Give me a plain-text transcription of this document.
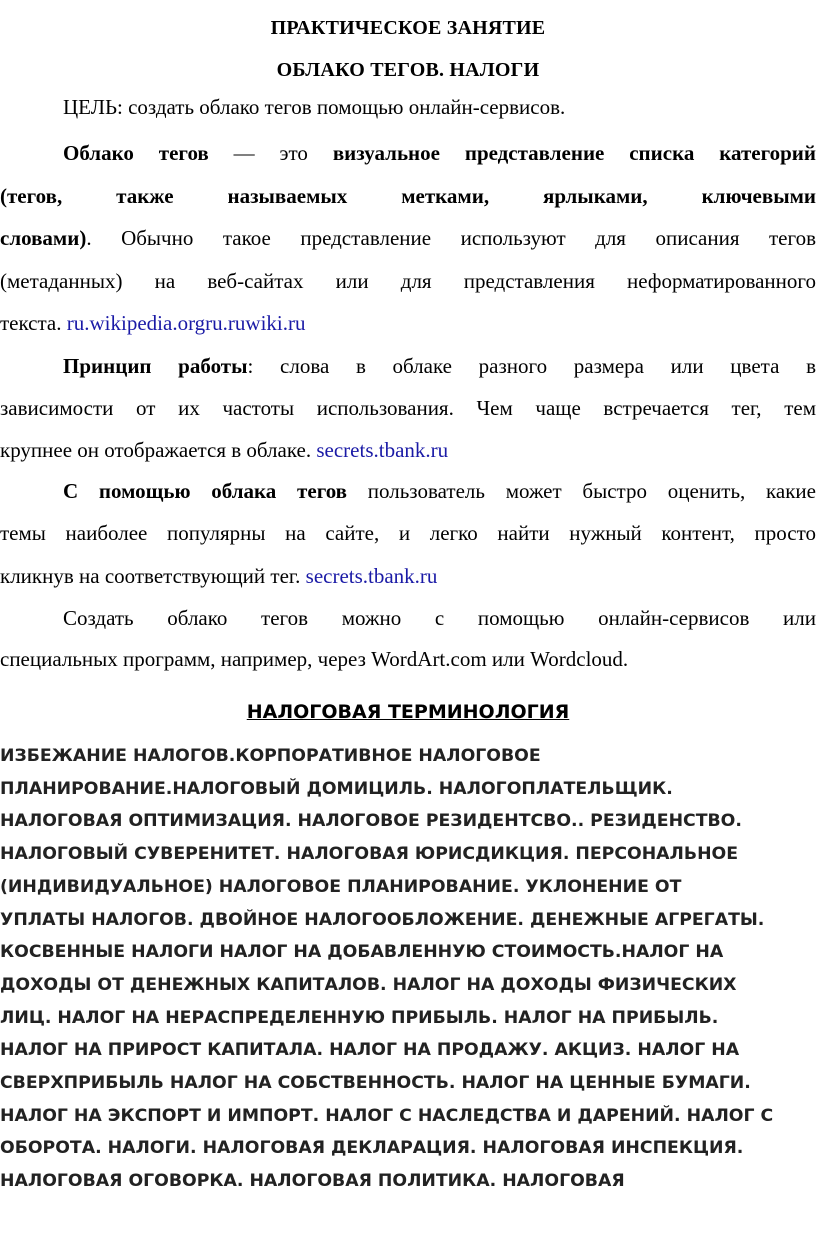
ПРАКТИЧЕСКОЕ ЗАНЯТИЕ
ОБЛАКО ТЕГОВ. НАЛОГИ
ЦЕЛЬ: создать облако тегов помощью онлайн-сервисов.
Облако тегов — это визуальное представление списка категорий
(тегов, также называемых метками, ярлыками, ключевыми
словами). Обычно такое представление используют для описания тегов
(метаданных) на веб-сайтах или для представления неформатированного
текста. ru.wikipedia.orgru.ruwiki.ru
Принцип работы: слова в облаке разного размера или цвета в
зависимости от их частоты использования. Чем чаще встречается тег, тем
крупнее он отображается в облаке. secrets.tbank.ru
С помощью облака тегов пользователь может быстро оценить, какие
темы наиболее популярны на сайте, и легко найти нужный контент, просто
кликнув на соответствующий тег. secrets.tbank.ru
Создать облако тегов можно с помощью онлайн-сервисов или
специальных программ, например, через WordArt.com или Wordcloud.
НАЛОГОВАЯ ТЕРМИНОЛОГИЯ
ИЗБЕЖАНИЕ НАЛОГОВ.КОРПОРАТИВНОЕ НАЛОГОВОЕ
ПЛАНИРОВАНИЕ.НАЛОГОВЫЙ ДОМИЦИЛЬ. НАЛОГОПЛАТЕЛЬЩИК.
НАЛОГОВАЯ ОПТИМИЗАЦИЯ. НАЛОГОВОЕ РЕЗИДЕНТСВО.. РЕЗИДЕНСТВО.
НАЛОГОВЫЙ СУВЕРЕНИТЕТ. НАЛОГОВАЯ ЮРИСДИКЦИЯ. ПЕРСОНАЛЬНОЕ
(ИНДИВИДУАЛЬНОЕ) НАЛОГОВОЕ ПЛАНИРОВАНИЕ. УКЛОНЕНИЕ ОТ
УПЛАТЫ НАЛОГОВ. ДВОЙНОЕ НАЛОГООБЛОЖЕНИЕ. ДЕНЕЖНЫЕ АГРЕГАТЫ.
КОСВЕННЫЕ НАЛОГИ НАЛОГ НА ДОБАВЛЕННУЮ СТОИМОСТЬ.НАЛОГ НА
ДОХОДЫ ОТ ДЕНЕЖНЫХ КАПИТАЛОВ. НАЛОГ НА ДОХОДЫ ФИЗИЧЕСКИХ
ЛИЦ. НАЛОГ НА НЕРАСПРЕДЕЛЕННУЮ ПРИБЫЛЬ. НАЛОГ НА ПРИБЫЛЬ.
НАЛОГ НА ПРИРОСТ КАПИТАЛА. НАЛОГ НА ПРОДАЖУ. АКЦИЗ. НАЛОГ НА
СВЕРХПРИБЫЛЬ НАЛОГ НА СОБСТВЕННОСТЬ. НАЛОГ НА ЦЕННЫЕ БУМАГИ.
НАЛОГ НА ЭКСПОРТ И ИМПОРТ. НАЛОГ С НАСЛЕДСТВА И ДАРЕНИЙ. НАЛОГ С
ОБОРОТА. НАЛОГИ. НАЛОГОВАЯ ДЕКЛАРАЦИЯ. НАЛОГОВАЯ ИНСПЕКЦИЯ.
НАЛОГОВАЯ ОГОВОРКА. НАЛОГОВАЯ ПОЛИТИКА. НАЛОГОВАЯ
